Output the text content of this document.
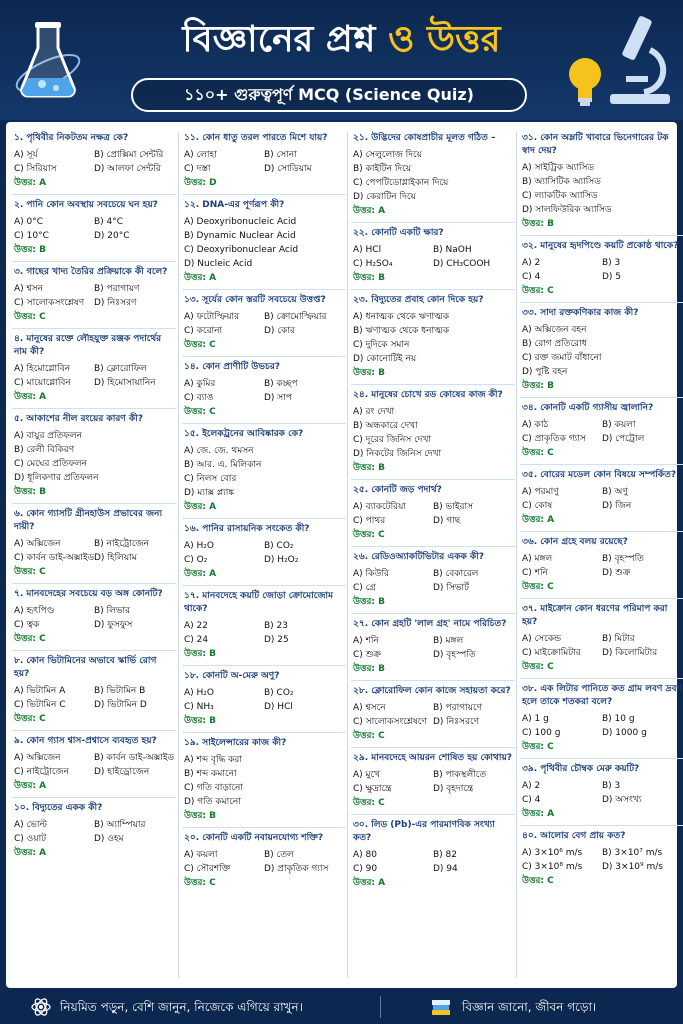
বিজ্ঞানের প্রশ্ন ও উত্তর
১১০+ গুরুত্বপূর্ণ MCQ (Science Quiz)
১. পৃথিবীর নিকটতম নক্ষত্র কে?
A) সূর্য	B) প্রোক্সিমা সেন্টরি
C) সিরিয়াস	D) আলফা সেন্টরি
উত্তর: A
২. পানি কোন অবস্থায় সবচেয়ে ঘন হয়?
A) 0°C	B) 4°C
C) 10°C	D) 20°C
উত্তর: B
৩. গাছের খাদ্য তৈরির প্রক্রিয়াকে কী বলে?
A) শ্বসন	B) পরাগায়ণ
C) সালোকসংশ্লেষণ	D) নিঃসরণ
উত্তর: C
৪. মানুষের রক্তে লৌহযুক্ত রঞ্জক পদার্থের নাম কী?
A) হিমোগ্লোবিন	B) ক্লোরোফিল
C) মায়োগ্লোবিন	D) হিমোসায়ানিন
উত্তর: A
৫. আকাশের নীল রংয়ের কারণ কী?
A) বায়ুর প্রতিফলন
B) রেলী বিকিরণ
C) মেঘের প্রতিফলন
D) ধূলিকণার প্রতিফলন
উত্তর: B
৬. কোন গ্যাসটি গ্রীনহাউস প্রভাবের জন্য দায়ী?
A) অক্সিজেন	B) নাইট্রোজেন
C) কার্বন ডাই-অক্সাইড D) হিলিয়াম
উত্তর: C
৭. মানবদেহের সবচেয়ে বড় অঙ্গ কোনটি?
A) হৃৎপিণ্ড	B) লিভার
C) ত্বক	D) ফুসফুস
উত্তর: C
৮. কোন ভিটামিনের অভাবে স্কার্ভি রোগ হয়?
A) ভিটামিন A	B) ভিটামিন B
C) ভিটামিন C	D) ভিটামিন D
উত্তর: C
৯. কোন গ্যাস শ্বাস-প্রশ্বাসে ব্যবহৃত হয়?
A) অক্সিজেন	B) কার্বন ডাই-অক্সাইড
C) নাইট্রোজেন	D) হাইড্রোজেন
উত্তর: A
১০. বিদ্যুতের একক কী?
A) ভোল্ট	B) অ্যাম্পিয়ার
C) ওয়াট	D) ওহম
উত্তর: A
১১. কোন ধাতু তরল পারতে মিশে যায়?
A) লোহা	B) সোনা
C) দস্তা	D) সোডিয়াম
উত্তর: D
১২. DNA-এর পূর্ণরূপ কী?
A) Deoxyribonucleic Acid
B) Dynamic Nuclear Acid
C) Deoxyribonuclear Acid
D) Nucleic Acid
উত্তর: A
১৩. সূর্যের কোন স্তরটি সবচেয়ে উত্তপ্ত?
A) ফটোস্ফিয়ার	B) ক্রোমোস্ফিয়ার
C) করোনা	D) কোর
উত্তর: C
১৪. কোন প্রাণীটি উভচর?
A) কুমির	B) কচ্ছপ
C) ব্যাঙ	D) সাপ
উত্তর: C
১৫. ইলেকট্রনের আবিষ্কারক কে?
A) জে. জে. থমসন
B) আর. এ. মিলিকান
C) নিলস বোর
D) ম্যাক্স প্ল্যাঙ্ক
উত্তর: A
১৬. পানির রাসায়নিক সংকেত কী?
A) H₂O	B) CO₂
C) O₂	D) H₂O₂
উত্তর: A
১৭. মানবদেহে কয়টি জোড়া ক্রোমোজোম থাকে?
A) 22	B) 23
C) 24	D) 25
উত্তর: B
১৮. কোনটি অ-মেরু অণু?
A) H₂O	B) CO₂
C) NH₃	D) HCl
উত্তর: B
১৯. সাইলেন্সারের কাজ কী?
A) শব্দ বৃদ্ধি করা
B) শব্দ কমানো
C) গতি বাড়ানো
D) গতি কমানো
উত্তর: B
২০. কোনটি একটি নবায়নযোগ্য শক্তি?
A) কয়লা	B) তেল
C) সৌরশক্তি	D) প্রাকৃতিক গ্যাস
উত্তর: C
২১. উদ্ভিদের কোষপ্রাচীর মূলত গঠিত –
A) সেলুলোজ দিয়ে
B) কাইটিন দিয়ে
C) পেপটিডোগ্লাইকান দিয়ে
D) কেরাটিন দিয়ে
উত্তর: A
২২. কোনটি একটি ক্ষার?
A) HCl	B) NaOH
C) H₂SO₄	D) CH₃COOH
উত্তর: B
২৩. বিদ্যুতের প্রবাহ কোন দিকে হয়?
A) ধনাত্মক থেকে ঋণাত্মক
B) ঋণাত্মক থেকে ধনাত্মক
C) দুদিকে সমান
D) কোনোটিই নয়
উত্তর: B
২৪. মানুষের চোখে রড কোষের কাজ কী?
A) রং দেখা
B) অন্ধকারে দেখা
C) দূরের জিনিস দেখা
D) নিকটের জিনিস দেখা
উত্তর: B
২৫. কোনটি জড় পদার্থ?
A) ব্যাকটেরিয়া	B) ভাইরাস
C) পাথর	D) গাছ
উত্তর: C
২৬. রেডিওঅ্যাকটিভিটার একক কী?
A) কিউরি	B) বেকারেল
C) গ্রে	D) সিভার্ট
উত্তর: B
২৭. কোন গ্রহটি 'লাল গ্রহ' নামে পরিচিত?
A) শনি	B) মঙ্গল
C) শুক্র	D) বৃহস্পতি
উত্তর: B
২৮. ক্লোরোফিল কোন কাজে সহায়তা করে?
A) শ্বসনে	B) পরাগায়ণে
C) সালোকসংশ্লেষণে D) নিঃসরণে
উত্তর: C
২৯. মানবদেহে আয়রন শোষিত হয় কোথায়?
A) মুখে	B) পাকস্থলীতে
C) ক্ষুদ্রান্ত্রে	D) বৃহদান্ত্রে
উত্তর: C
৩০. লিড (Pb)-এর পারমাণবিক সংখ্যা কত?
A) 80	B) 82
C) 90	D) 94
উত্তর: A
৩১. কোন অম্লটি খাবারে ভিনেগারের টক স্বাদ দেয়?
A) সাইট্রিক অ্যাসিড
B) অ্যাসিটিক অ্যাসিড
C) ল্যাকটিক অ্যাসিড
D) সালফিউরিক অ্যাসিড
উত্তর: B
৩২. মানুষের হৃদপিণ্ডে কয়টি প্রকোষ্ঠ থাকে?
A) 2	B) 3
C) 4	D) 5
উত্তর: C
৩৩. সাদা রক্তকণিকার কাজ কী?
A) অক্সিজেন বহন
B) রোগ প্রতিরোধ
C) রক্ত জমাট বাঁধানো
D) পুষ্টি বহন
উত্তর: B
৩৪. কোনটি একটি গ্যাসীয় জ্বালানি?
A) কাঠ	B) কয়লা
C) প্রাকৃতিক গ্যাস	D) পেট্রোল
উত্তর: C
৩৫. বোরের মডেল কোন বিষয়ে সম্পর্কিত?
A) পরমাণু	B) অণু
C) কোষ	D) জিন
উত্তর: A
৩৬. কোন গ্রহে বলয় রয়েছে?
A) মঙ্গল	B) বৃহস্পতি
C) শনি	D) শুক্র
উত্তর: C
৩৭. মাইক্রোন কোন ধরণের পরিমাপ করা হয়?
A) সেকেন্ড	B) মিটার
C) মাইক্রোমিটার	D) কিলোমিটার
উত্তর: C
৩৮. এক লিটার পানিতে কত গ্রাম লবণ দ্রবণ হলে তাকে শতকরা বলে?
A) 1 g	B) 10 g
C) 100 g	D) 1000 g
উত্তর: C
৩৯. পৃথিবীর চৌম্বক মেরু কয়টি?
A) 2	B) 3
C) 4	D) অসংখ্য
উত্তর: A
৪০. আলোর বেগ প্রায় কত?
A) 3×10⁶ m/s	B) 3×10⁷ m/s
C) 3×10⁸ m/s	D) 3×10⁹ m/s
উত্তর: C
নিয়মিত পড়ুন, বেশি জানুন, নিজেকে এগিয়ে রাখুন।	বিজ্ঞান জানো, জীবন গড়ো।
